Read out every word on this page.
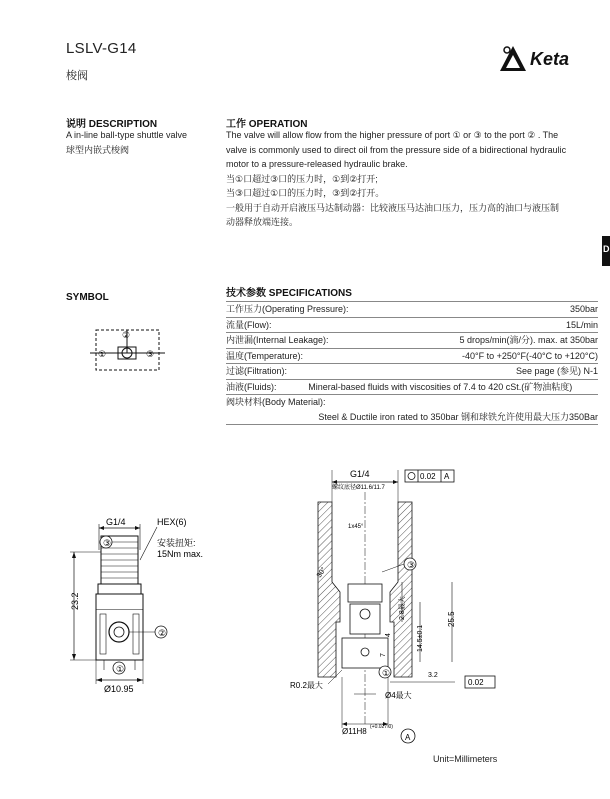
LSLV-G14
梭阀
Keta
D
说明 DESCRIPTION
A in-line ball-type shuttle valve
球型内嵌式梭阀
工作 OPERATION
The valve will allow flow from the higher pressure of port ① or ③ to the port ② . The
valve is commonly used to direct oil from the pressure side of a bidirectional hydraulic
motor to a pressure-released hydraulic brake.
当①口超过③口的压力时，①到②打开;
当③口超过①口的压力时，③到②打开。
一般用于自动开启液压马达制动器：比较液压马达油口压力，压力高的油口与液压制
动器释放端连接。
SYMBOL
②
①	③
技术参数 SPECIFICATIONS
工作压力(Operating Pressure):	350bar
流量(Flow):	15L/min
内泄漏(Internal Leakage):	5 drops/min(滴/分). max. at 350bar
温度(Temperature):	-40°F to +250°F(-40°C to +120°C)
过滤(Filtration):	See page (参见) N-1
油液(Fluids):	Mineral-based fluids with viscosities of 7.4 to 420 cSt.(矿物油粘度)
阀块材料(Body Material):
Steel & Ductile iron rated to 350bar 钢和球铁允许使用最大压力350Bar
G1/4	HEX(6)
安装扭矩:
15Nm max.
23.2
③
②
①
Ø10.95
G1/4
螺纹底径Ø11.6/11.7
0.02 A
1x45°
30°
③
25.5
14.5±0.1
2.8最大
7
4
①	3.2
0.02
R0.2最大
Ø4最大
Ø11H8 (+0.027 0)
A
Unit=Millimeters
